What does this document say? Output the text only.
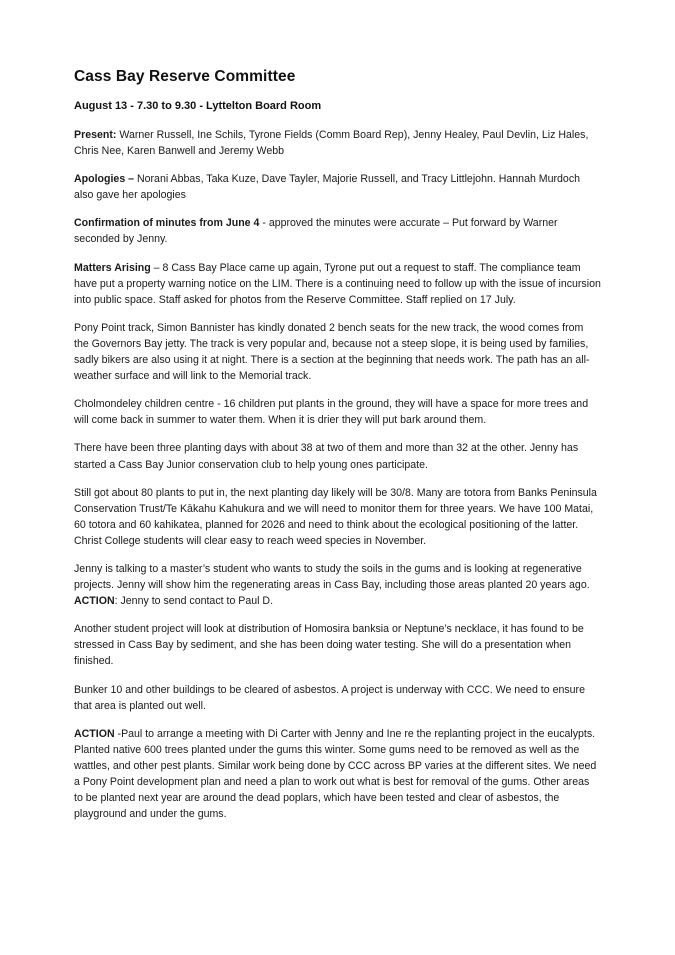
Cass Bay Reserve Committee
August 13 - 7.30 to 9.30 - Lyttelton Board Room

Present: Warner Russell, Ine Schils, Tyrone Fields (Comm Board Rep), Jenny Healey, Paul Devlin, Liz Hales, Chris Nee, Karen Banwell and Jeremy Webb

Apologies – Norani Abbas, Taka Kuze, Dave Tayler, Majorie Russell, and Tracy Littlejohn. Hannah Murdoch also gave her apologies

Confirmation of minutes from June 4 - approved the minutes were accurate – Put forward by Warner seconded by Jenny.

Matters Arising – 8 Cass Bay Place came up again, Tyrone put out a request to staff. The compliance team have put a property warning notice on the LIM. There is a continuing need to follow up with the issue of incursion into public space. Staff asked for photos from the Reserve Committee. Staff replied on 17 July.

Pony Point track, Simon Bannister has kindly donated 2 bench seats for the new track, the wood comes from the Governors Bay jetty. The track is very popular and, because not a steep slope, it is being used by families, sadly bikers are also using it at night. There is a section at the beginning that needs work. The path has an all-weather surface and will link to the Memorial track.

Cholmondeley children centre - 16 children put plants in the ground, they will have a space for more trees and will come back in summer to water them. When it is drier they will put bark around them.

There have been three planting days with about 38 at two of them and more than 32 at the other. Jenny has started a Cass Bay Junior conservation club to help young ones participate.

Still got about 80 plants to put in, the next planting day likely will be 30/8. Many are totora from Banks Peninsula Conservation Trust/Te Kākahu Kahukura and we will need to monitor them for three years. We have 100 Matai, 60 totora and 60 kahikatea, planned for 2026 and need to think about the ecological positioning of the latter. Christ College students will clear easy to reach weed species in November.

Jenny is talking to a master’s student who wants to study the soils in the gums and is looking at regenerative projects. Jenny will show him the regenerating areas in Cass Bay, including those areas planted 20 years ago. ACTION: Jenny to send contact to Paul D.

Another student project will look at distribution of Homosira banksia or Neptune’s necklace, it has found to be stressed in Cass Bay by sediment, and she has been doing water testing. She will do a presentation when finished.

Bunker 10 and other buildings to be cleared of asbestos. A project is underway with CCC. We need to ensure that area is planted out well.

ACTION -Paul to arrange a meeting with Di Carter with Jenny and Ine re the replanting project in the eucalypts. Planted native 600 trees planted under the gums this winter. Some gums need to be removed as well as the wattles, and other pest plants. Similar work being done by CCC across BP varies at the different sites. We need a Pony Point development plan and need a plan to work out what is best for removal of the gums. Other areas to be planted next year are around the dead poplars, which have been tested and clear of asbestos, the playground and under the gums.
